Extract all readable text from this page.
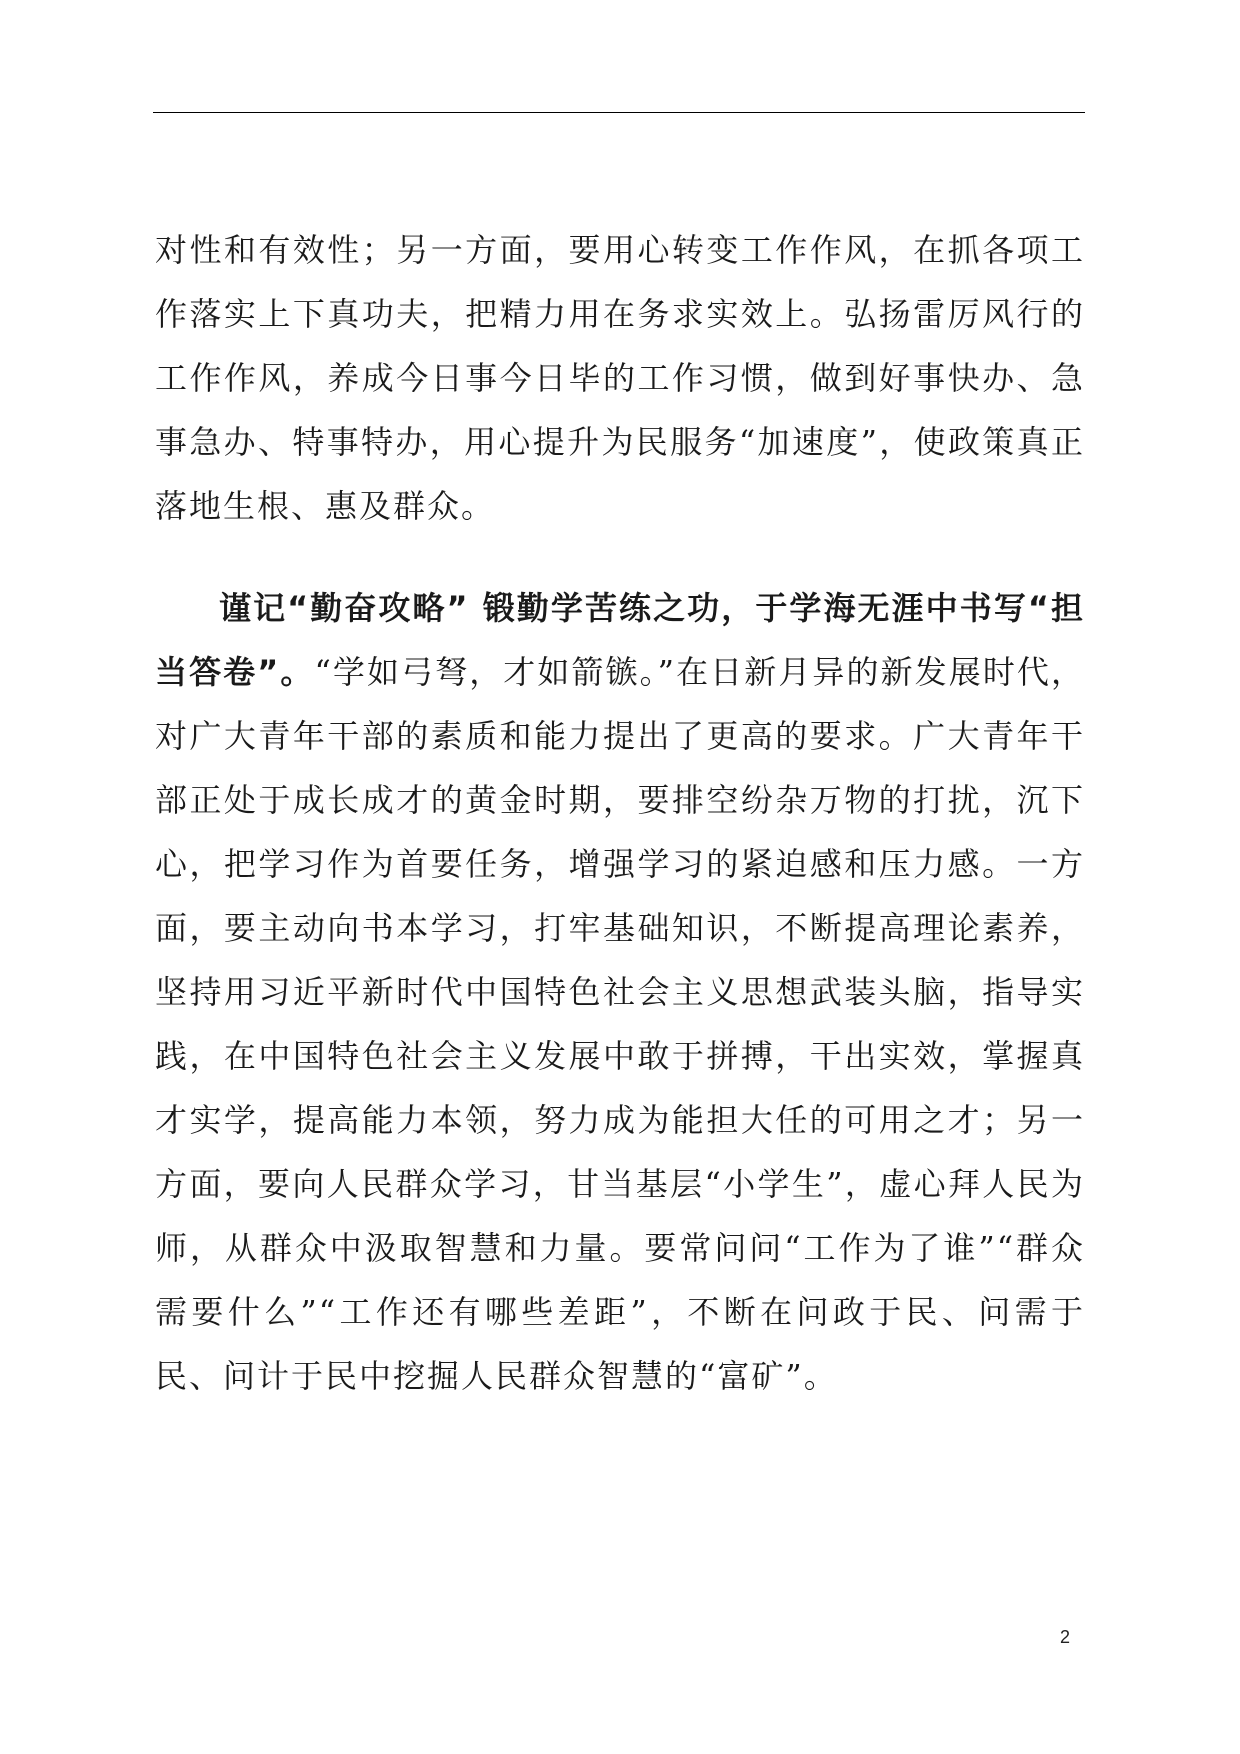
对性和有效性；另一方面，要用心转变工作作风，在抓各项工作落实上下真功夫，把精力用在务求实效上。弘扬雷厉风行的工作作风，养成今日事今日毕的工作习惯，做到好事快办、急事急办、特事特办，用心提升为民服务“加速度”，使政策真正落地生根、惠及群众。

谨记“勤奋攻略” 锻勤学苦练之功，于学海无涯中书写“担当答卷”。“学如弓弩，才如箭镞。”在日新月异的新发展时代，对广大青年干部的素质和能力提出了更高的要求。广大青年干部正处于成长成才的黄金时期，要排空纷杂万物的打扰，沉下心，把学习作为首要任务，增强学习的紧迫感和压力感。一方面，要主动向书本学习，打牢基础知识，不断提高理论素养，坚持用习近平新时代中国特色社会主义思想武装头脑，指导实践，在中国特色社会主义发展中敢于拼搏，干出实效，掌握真才实学，提高能力本领，努力成为能担大任的可用之才；另一方面，要向人民群众学习，甘当基层“小学生”，虚心拜人民为师，从群众中汲取智慧和力量。要常问问“工作为了谁”“群众需要什么”“工作还有哪些差距”，不断在问政于民、问需于民、问计于民中挖掘人民群众智慧的“富矿”。

2
